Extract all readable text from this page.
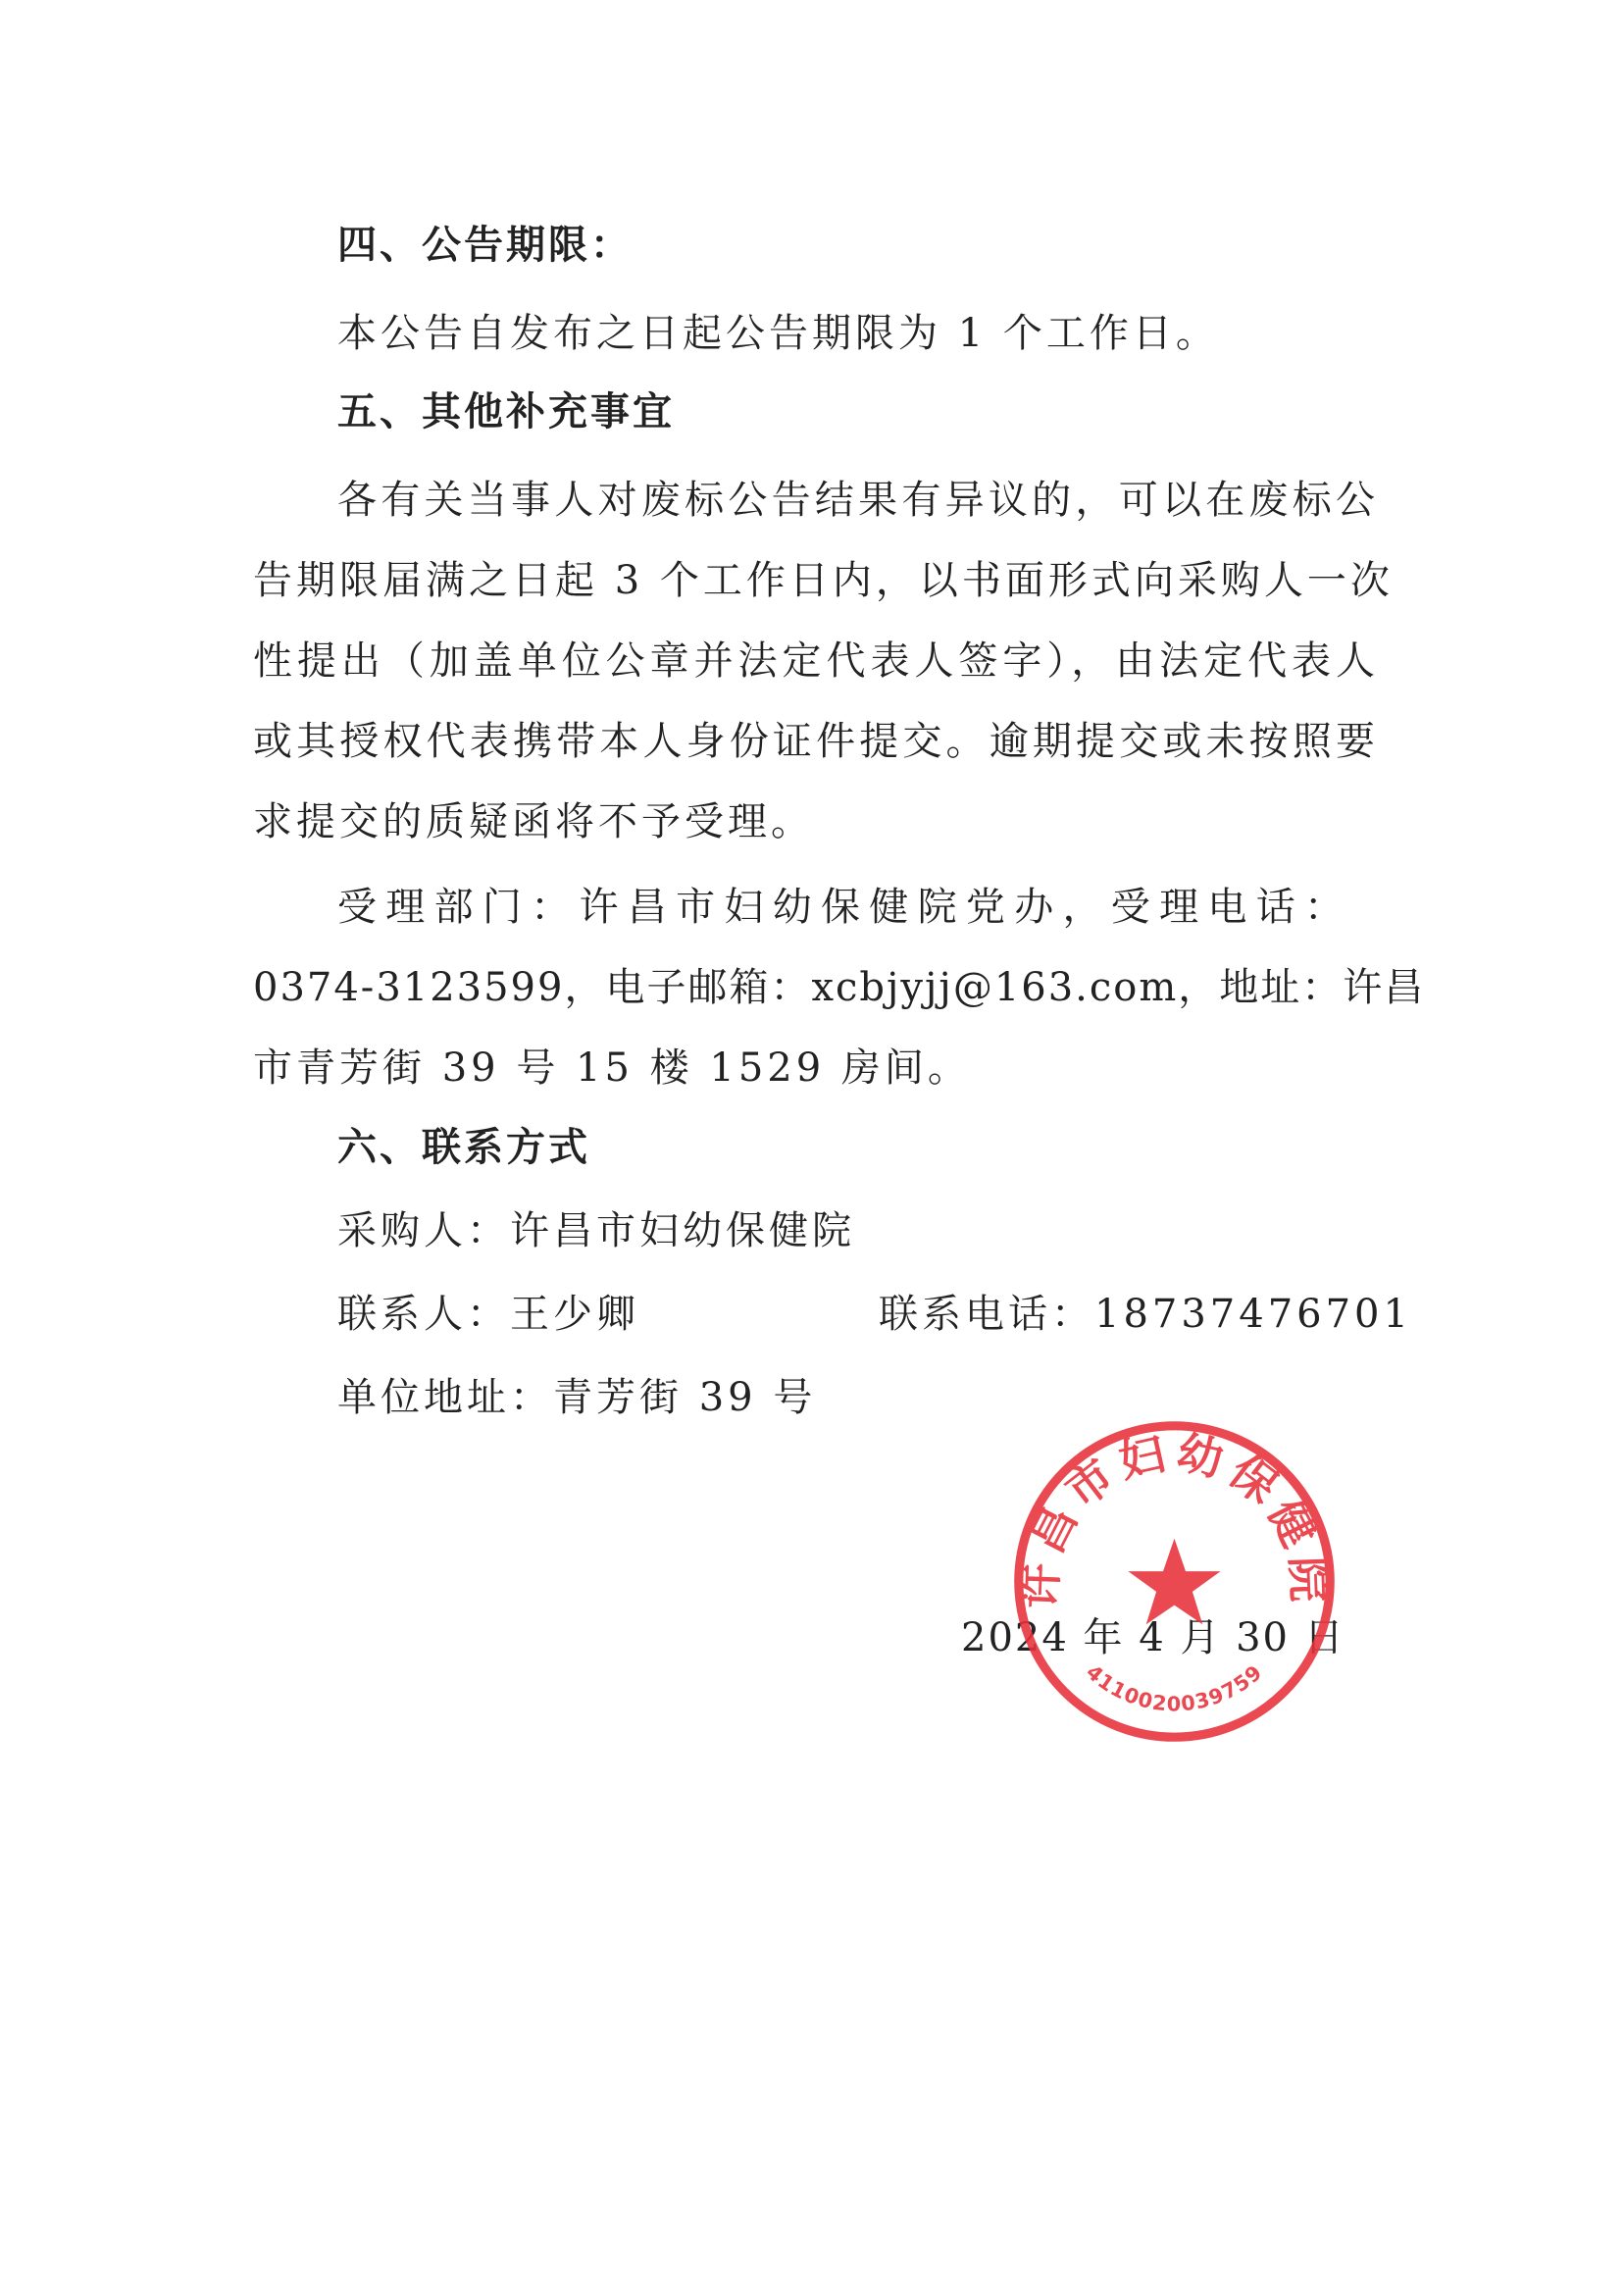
四、公告期限：
本公告自发布之日起公告期限为 1 个工作日。
五、其他补充事宜
各有关当事人对废标公告结果有异议的，可以在废标公
告期限届满之日起 3 个工作日内，以书面形式向采购人一次
性提出（加盖单位公章并法定代表人签字），由法定代表人
或其授权代表携带本人身份证件提交。逾期提交或未按照要
求提交的质疑函将不予受理。
受理部门：许昌市妇幼保健院党办，受理电话：
0374-3123599，电子邮箱：xcbjyjj@163.com，地址：许昌
市青芳街 39 号 15 楼 1529 房间。
六、联系方式
采购人：许昌市妇幼保健院
联系人：王少卿	联系电话：18737476701
单位地址：青芳街 39 号
2024 年 4 月 30 日
许昌市妇幼保健院
4110020039759
